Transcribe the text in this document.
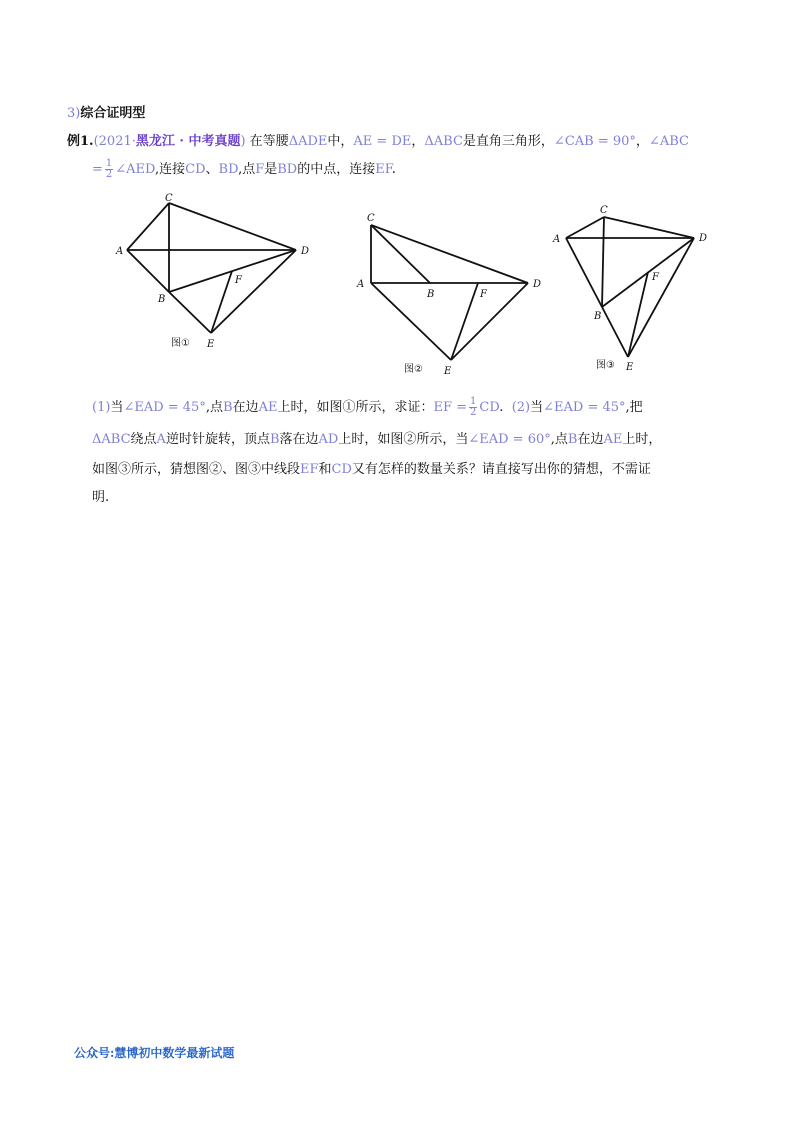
3)综合证明型
例1.(2021·黑龙江 · 中考真题) 在等腰ΔADE中，AE = DE，ΔABC是直角三角形，∠CAB = 90°，∠ABC
= $\frac{1}{2}$ ∠AED,连接CD、BD,点F是BD的中点，连接EF.
C
A	D
B
F
E
图①
C
A
B	F
D
E
图②
C
A	D
F
B
E
图③
(1)当∠EAD = 45°,点B在边AE上时，如图①所示，求证：EF = $\frac{1}{2}$ CD. (2)当∠EAD = 45°,把
ΔABC绕点A逆时针旋转，顶点B落在边AD上时，如图②所示，当∠EAD = 60°,点B在边AE上时，
如图③所示，猜想图②、图③中线段EF和CD又有怎样的数量关系？请直接写出你的猜想，不需证
明.
公众号:慧博初中数学最新试题
